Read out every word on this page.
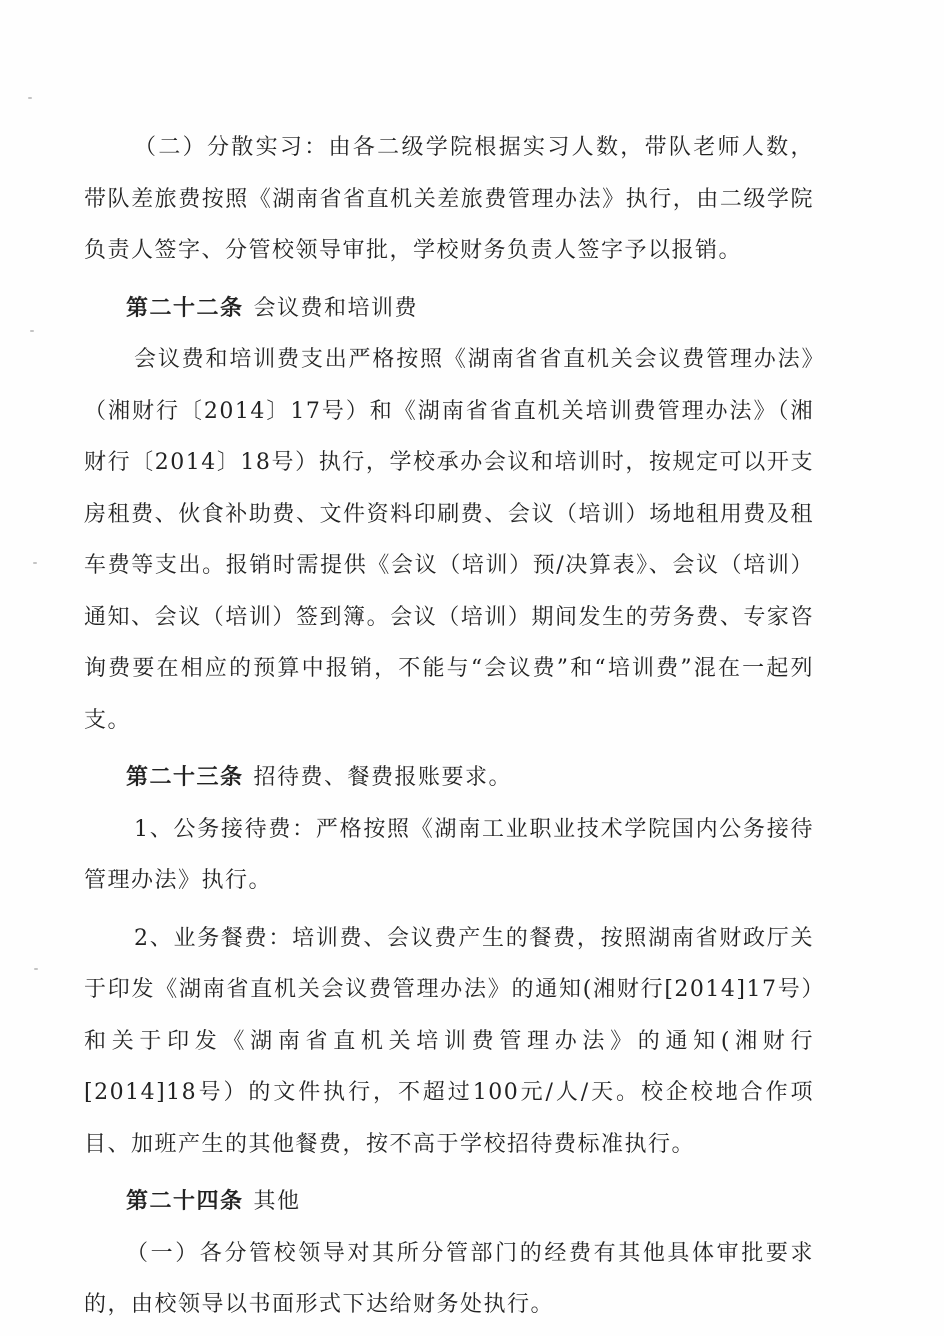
（二）分散实习：由各二级学院根据实习人数，带队老师人数，带队差旅费按照《湖南省省直机关差旅费管理办法》执行，由二级学院负责人签字、分管校领导审批，学校财务负责人签字予以报销。

第二十二条 会议费和培训费

会议费和培训费支出严格按照《湖南省省直机关会议费管理办法》（湘财行〔2014〕17号）和《湖南省省直机关培训费管理办法》（湘财行〔2014〕18号）执行，学校承办会议和培训时，按规定可以开支房租费、伙食补助费、文件资料印刷费、会议（培训）场地租用费及租车费等支出。报销时需提供《会议（培训）预/决算表》、会议（培训）通知、会议（培训）签到簿。会议（培训）期间发生的劳务费、专家咨询费要在相应的预算中报销，不能与“会议费”和“培训费”混在一起列支。

第二十三条 招待费、餐费报账要求。

1、公务接待费：严格按照《湖南工业职业技术学院国内公务接待管理办法》执行。

2、业务餐费：培训费、会议费产生的餐费，按照湖南省财政厅关于印发《湖南省直机关会议费管理办法》的通知(湘财行[2014]17号）和关于印发《湖南省直机关培训费管理办法》的通知(湘财行[2014]18号）的文件执行，不超过100元/人/天。校企校地合作项目、加班产生的其他餐费，按不高于学校招待费标准执行。

第二十四条 其他

（一）各分管校领导对其所分管部门的经费有其他具体审批要求的，由校领导以书面形式下达给财务处执行。
